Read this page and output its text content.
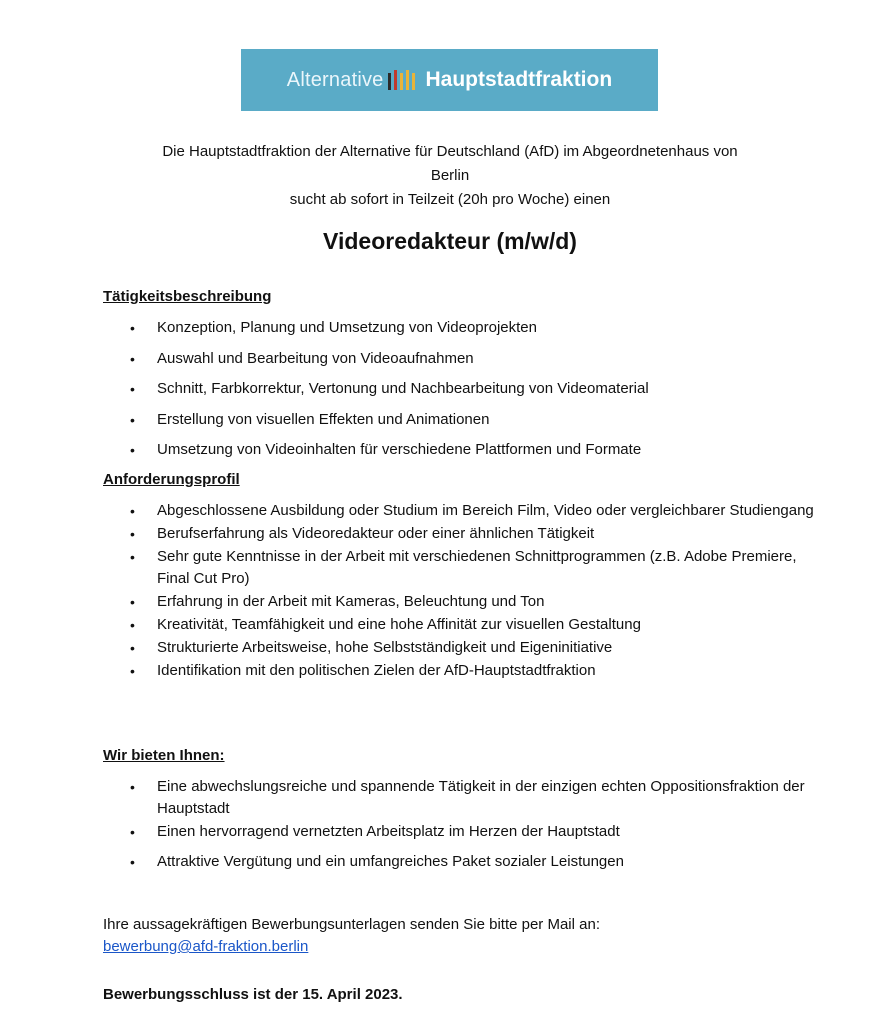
Alternative Hauptstadtfraktion
Die Hauptstadtfraktion der Alternative für Deutschland (AfD) im Abgeordnetenhaus von
Berlin
sucht ab sofort in Teilzeit (20h pro Woche) einen
Videoredakteur (m/w/d)
Tätigkeitsbeschreibung
• Konzeption, Planung und Umsetzung von Videoprojekten
• Auswahl und Bearbeitung von Videoaufnahmen
• Schnitt, Farbkorrektur, Vertonung und Nachbearbeitung von Videomaterial
• Erstellung von visuellen Effekten und Animationen
• Umsetzung von Videoinhalten für verschiedene Plattformen und Formate
Anforderungsprofil
• Abgeschlossene Ausbildung oder Studium im Bereich Film, Video oder vergleichbarer Studiengang
• Berufserfahrung als Videoredakteur oder einer ähnlichen Tätigkeit
• Sehr gute Kenntnisse in der Arbeit mit verschiedenen Schnittprogrammen (z.B. Adobe Premiere, Final Cut Pro)
• Erfahrung in der Arbeit mit Kameras, Beleuchtung und Ton
• Kreativität, Teamfähigkeit und eine hohe Affinität zur visuellen Gestaltung
• Strukturierte Arbeitsweise, hohe Selbstständigkeit und Eigeninitiative
• Identifikation mit den politischen Zielen der AfD-Hauptstadtfraktion
Wir bieten Ihnen:
• Eine abwechslungsreiche und spannende Tätigkeit in der einzigen echten Oppositionsfraktion der Hauptstadt
• Einen hervorragend vernetzten Arbeitsplatz im Herzen der Hauptstadt
• Attraktive Vergütung und ein umfangreiches Paket sozialer Leistungen
Ihre aussagekräftigen Bewerbungsunterlagen senden Sie bitte per Mail an:
bewerbung@afd-fraktion.berlin
Bewerbungsschluss ist der 15. April 2023.
